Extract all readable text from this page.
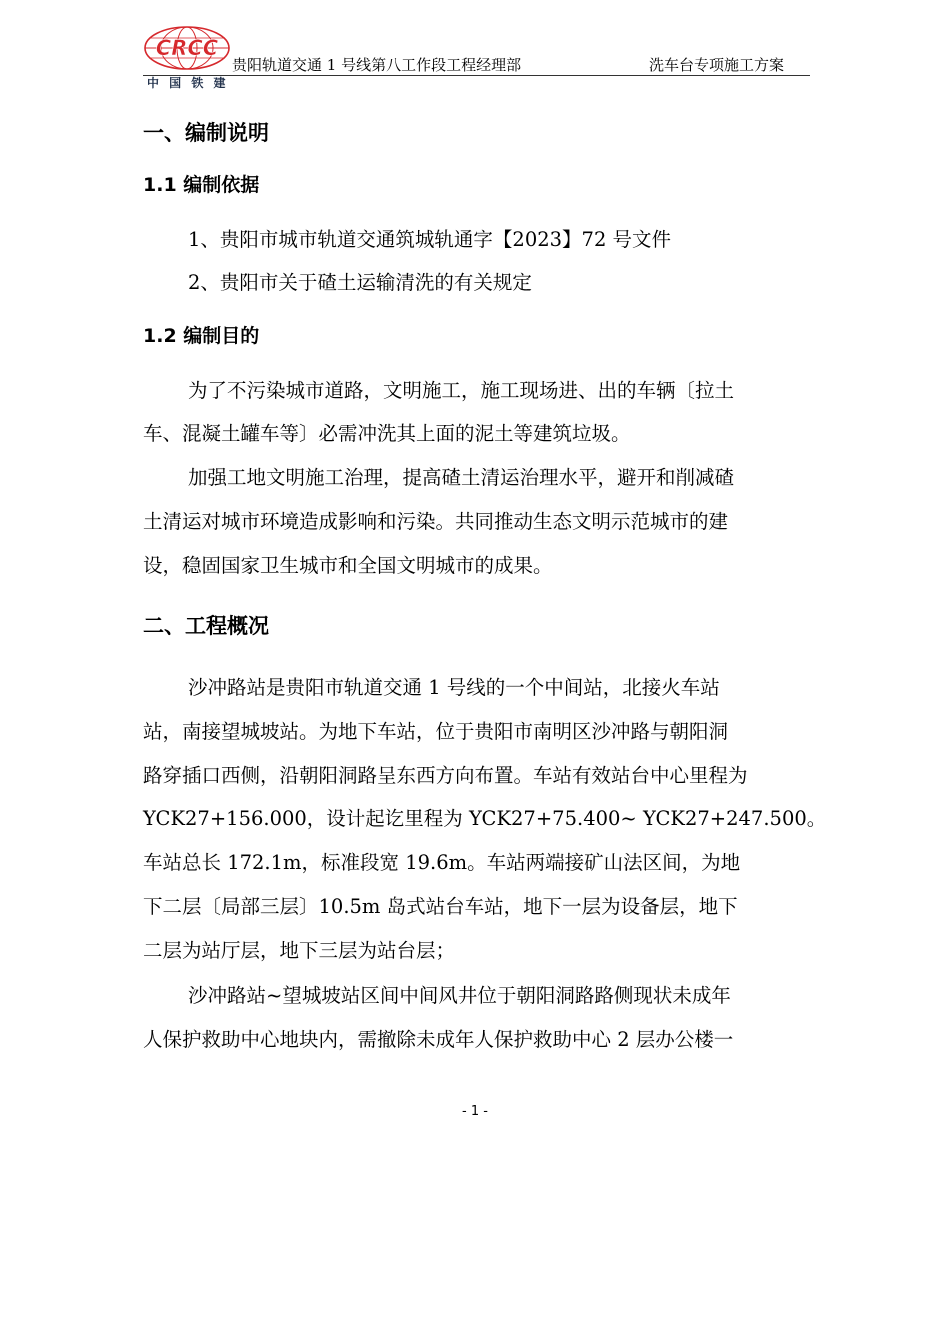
CRCC
中 国 铁 建
贵阳轨道交通 1 号线第八工作段工程经理部	洗车台专项施工方案
一、编制说明
1.1 编制依据
1、贵阳市城市轨道交通筑城轨通字【2023】72 号文件
2、贵阳市关于碴土运输清洗的有关规定
1.2 编制目的
为了不污染城市道路，文明施工，施工现场进、出的车辆〔拉土
车、混凝土罐车等〕必需冲洗其上面的泥土等建筑垃圾。
加强工地文明施工治理，提高碴土清运治理水平，避开和削减碴
土清运对城市环境造成影响和污染。共同推动生态文明示范城市的建
设，稳固国家卫生城市和全国文明城市的成果。
二、工程概况
沙冲路站是贵阳市轨道交通 1 号线的一个中间站，北接火车站
站，南接望城坡站。为地下车站，位于贵阳市南明区沙冲路与朝阳洞
路穿插口西侧，沿朝阳洞路呈东西方向布置。车站有效站台中心里程为
YCK27+156.000，设计起讫里程为 YCK27+75.400~ YCK27+247.500。
车站总长 172.1m，标准段宽 19.6m。车站两端接矿山法区间，为地
下二层〔局部三层〕10.5m 岛式站台车站，地下一层为设备层，地下
二层为站厅层，地下三层为站台层；
沙冲路站~望城坡站区间中间风井位于朝阳洞路路侧现状未成年
人保护救助中心地块内，需撤除未成年人保护救助中心 2 层办公楼一
- 1 -
